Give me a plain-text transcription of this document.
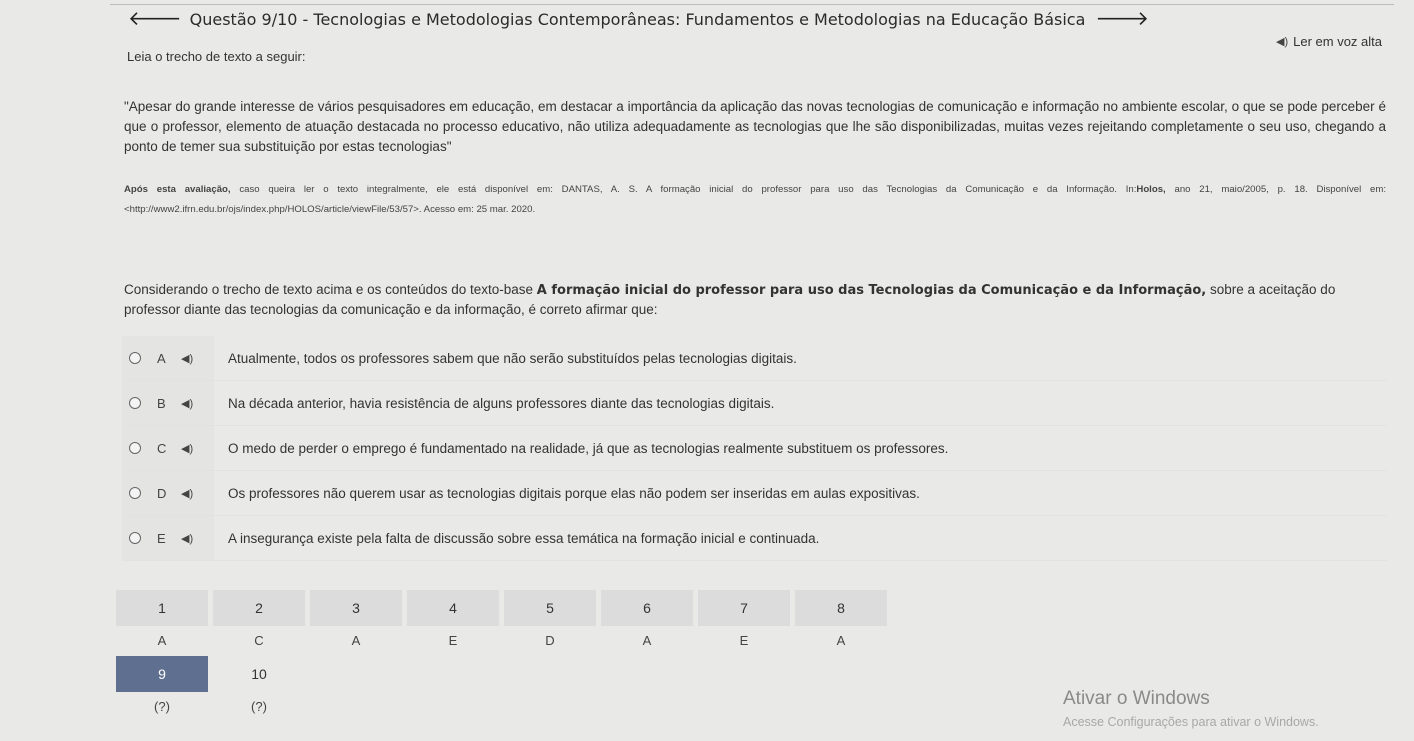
🡐 Questão 9/10 - Tecnologias e Metodologias Contemporâneas: Fundamentos e Metodologias na Educação Básica 🡒
◀) Ler em voz alta
Leia o trecho de texto a seguir:
"Apesar do grande interesse de vários pesquisadores em educação, em destacar a importância da aplicação das novas tecnologias de comunicação e informação no ambiente escolar, o que se pode perceber é que o professor, elemento de atuação destacada no processo educativo, não utiliza adequadamente as tecnologias que lhe são disponibilizadas, muitas vezes rejeitando completamente o seu uso, chegando a ponto de temer sua substituição por estas tecnologias"
Após esta avaliação, caso queira ler o texto integralmente, ele está disponível em: DANTAS, A. S. A formação inicial do professor para uso das Tecnologias da Comunicação e da Informação. In:Holos, ano 21, maio/2005, p. 18. Disponível em: <http://www2.ifrn.edu.br/ojs/index.php/HOLOS/article/viewFile/53/57>. Acesso em: 25 mar. 2020.
Considerando o trecho de texto acima e os conteúdos do texto-base A formação inicial do professor para uso das Tecnologias da Comunicação e da Informação, sobre a aceitação do professor diante das tecnologias da comunicação e da informação, é correto afirmar que:
A	◀)	Atualmente, todos os professores sabem que não serão substituídos pelas tecnologias digitais.
B	◀)	Na década anterior, havia resistência de alguns professores diante das tecnologias digitais.
C	◀)	O medo de perder o emprego é fundamentado na realidade, já que as tecnologias realmente substituem os professores.
D	◀)	Os professores não querem usar as tecnologias digitais porque elas não podem ser inseridas em aulas expositivas.
E	◀)	A insegurança existe pela falta de discussão sobre essa temática na formação inicial e continuada.
1
A
2
C
3
A
4
E
5
D
6
A
7
E
8
A
9
(?)
10
(?)	Ativar o Windows
Acesse Configurações para ativar o Windows.
